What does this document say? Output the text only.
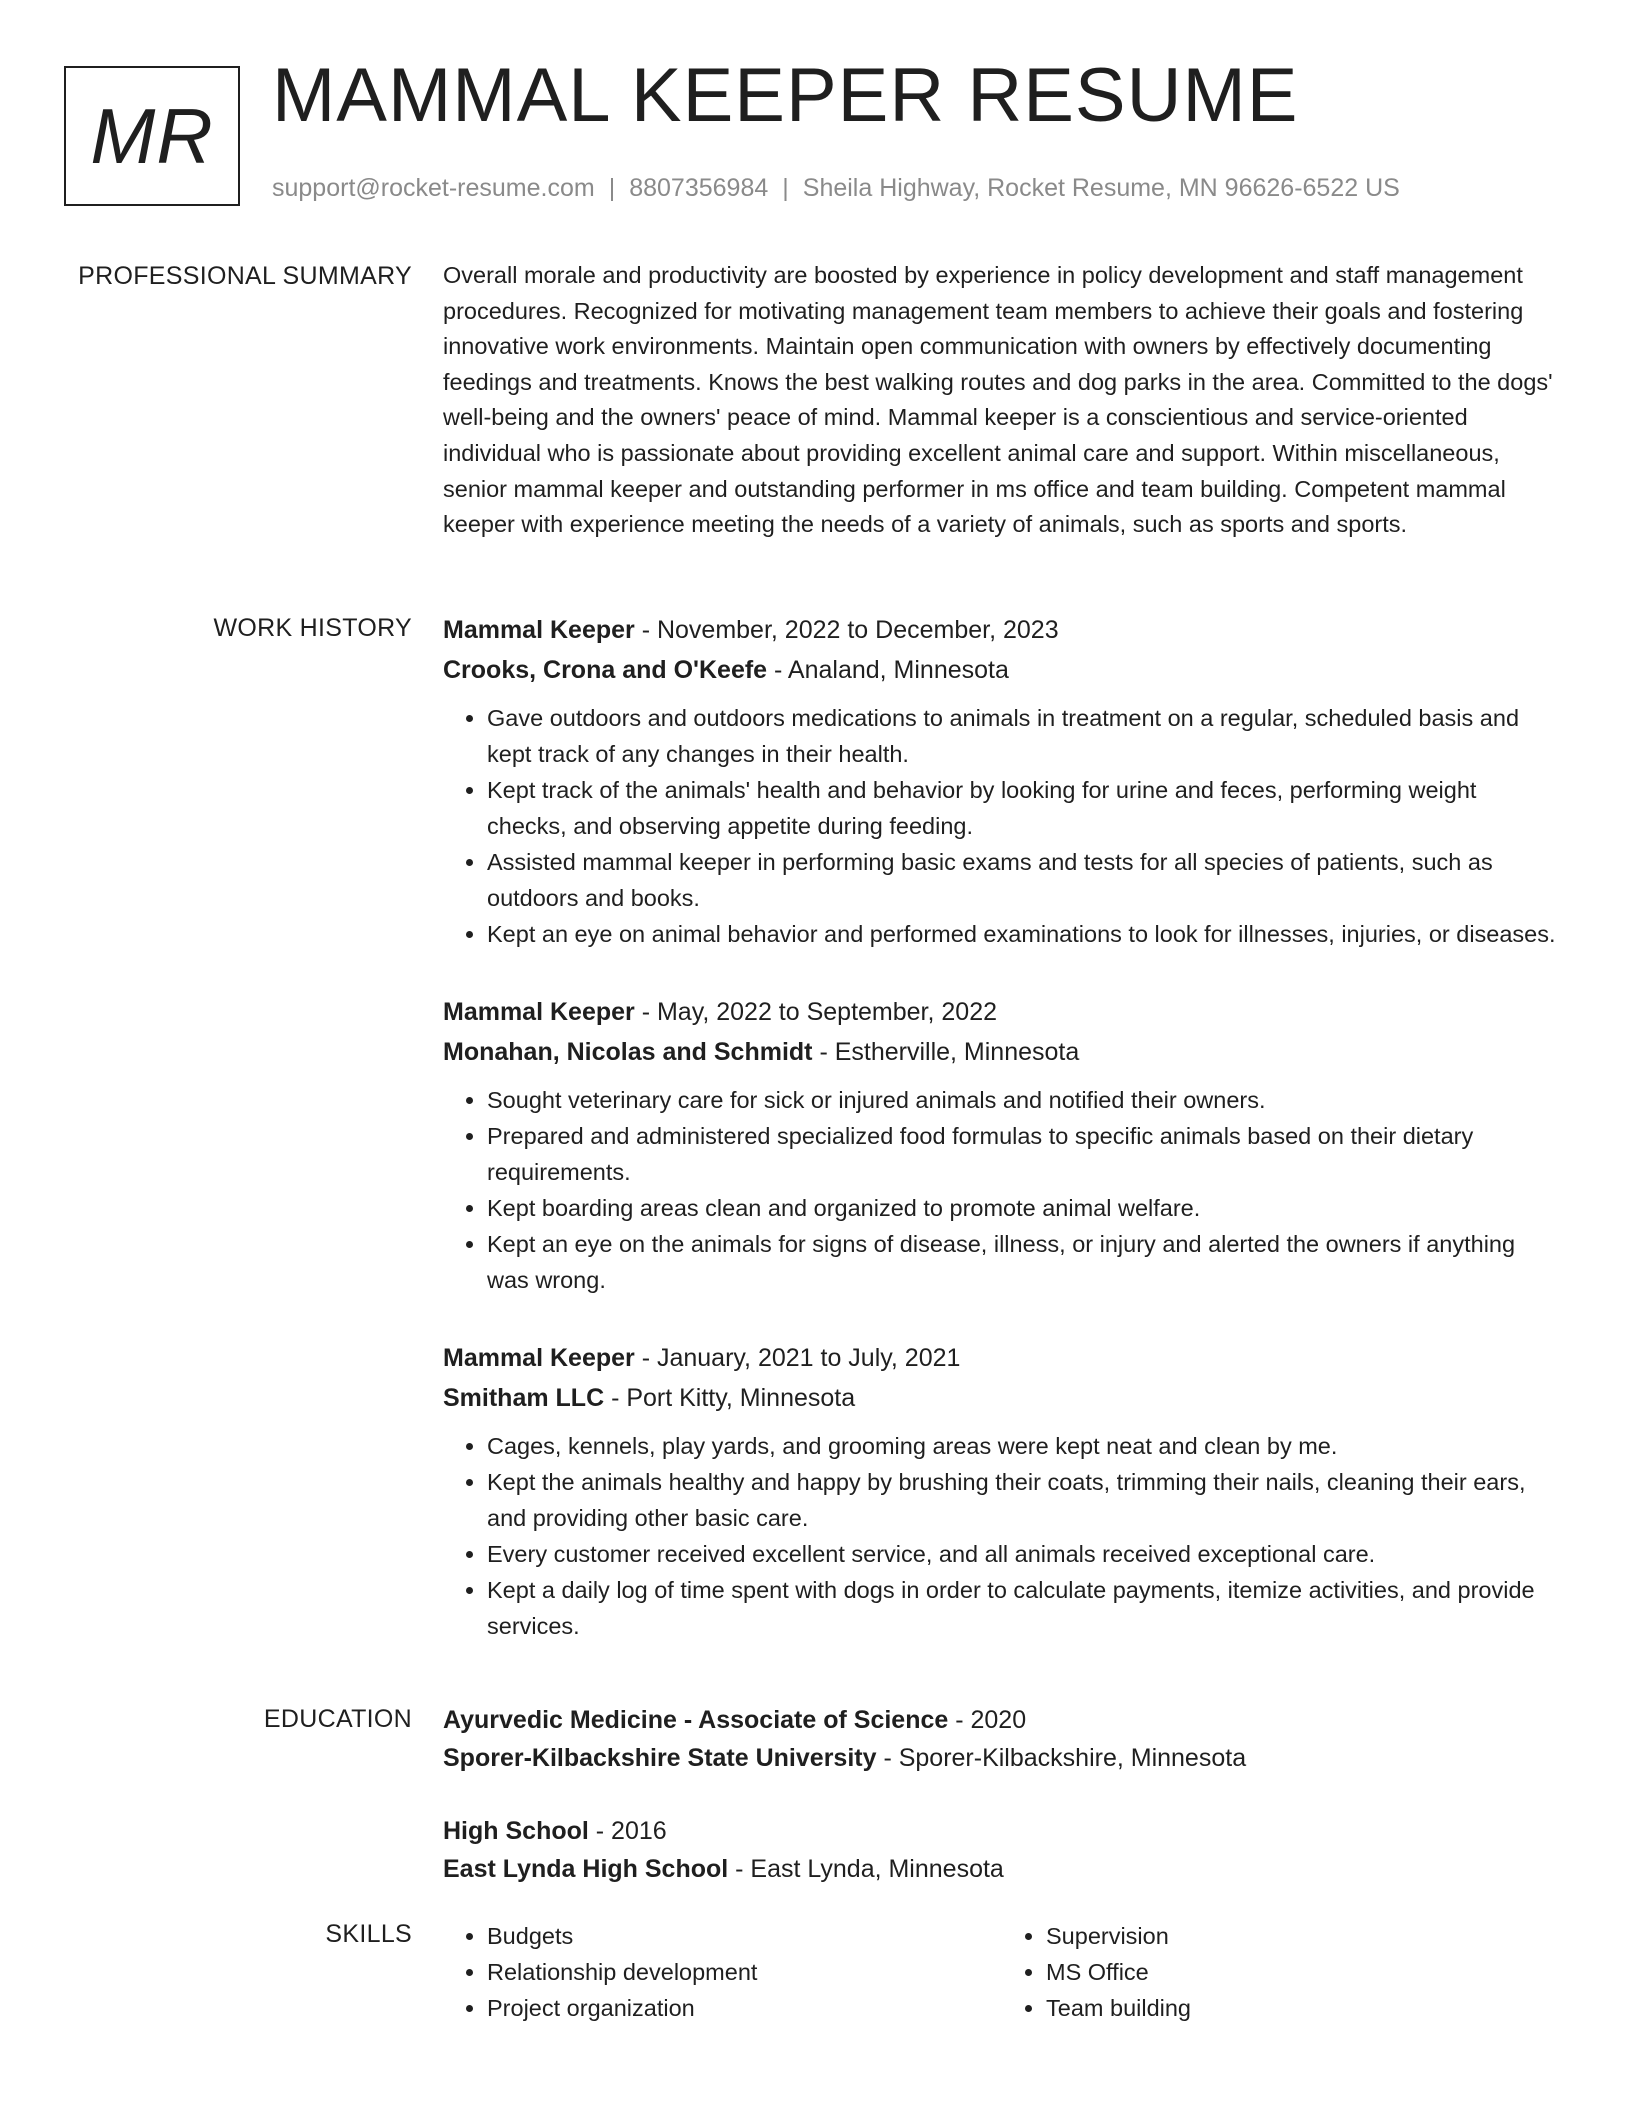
MR MAMMAL KEEPER RESUME
support@rocket-resume.com | 8807356984 | Sheila Highway, Rocket Resume, MN 96626-6522 US
PROFESSIONAL SUMMARY Overall morale and productivity are boosted by experience in policy development and staff management procedures. Recognized for motivating management team members to achieve their goals and fostering innovative work environments. Maintain open communication with owners by effectively documenting feedings and treatments. Knows the best walking routes and dog parks in the area. Committed to the dogs' well-being and the owners' peace of mind. Mammal keeper is a conscientious and service-oriented individual who is passionate about providing excellent animal care and support. Within miscellaneous, senior mammal keeper and outstanding performer in ms office and team building. Competent mammal keeper with experience meeting the needs of a variety of animals, such as sports and sports.

WORK HISTORY Mammal Keeper - November, 2022 to December, 2023
Crooks, Crona and O'Keefe - Analand, Minnesota
• Gave outdoors and outdoors medications to animals in treatment on a regular, scheduled basis and kept track of any changes in their health.
• Kept track of the animals' health and behavior by looking for urine and feces, performing weight checks, and observing appetite during feeding.
• Assisted mammal keeper in performing basic exams and tests for all species of patients, such as outdoors and books.
• Kept an eye on animal behavior and performed examinations to look for illnesses, injuries, or diseases.
Mammal Keeper - May, 2022 to September, 2022
Monahan, Nicolas and Schmidt - Estherville, Minnesota
• Sought veterinary care for sick or injured animals and notified their owners.
• Prepared and administered specialized food formulas to specific animals based on their dietary requirements.
• Kept boarding areas clean and organized to promote animal welfare.
• Kept an eye on the animals for signs of disease, illness, or injury and alerted the owners if anything was wrong.
Mammal Keeper - January, 2021 to July, 2021
Smitham LLC - Port Kitty, Minnesota
• Cages, kennels, play yards, and grooming areas were kept neat and clean by me.
• Kept the animals healthy and happy by brushing their coats, trimming their nails, cleaning their ears, and providing other basic care.
• Every customer received excellent service, and all animals received exceptional care.
• Kept a daily log of time spent with dogs in order to calculate payments, itemize activities, and provide services.
EDUCATION Ayurvedic Medicine - Associate of Science - 2020
Sporer-Kilbackshire State University - Sporer-Kilbackshire, Minnesota
High School - 2016
East Lynda High School - East Lynda, Minnesota
SKILLS
•	Budgets
• Relationship development
• Project organization
• Supervision
• MS Office
• Team building
